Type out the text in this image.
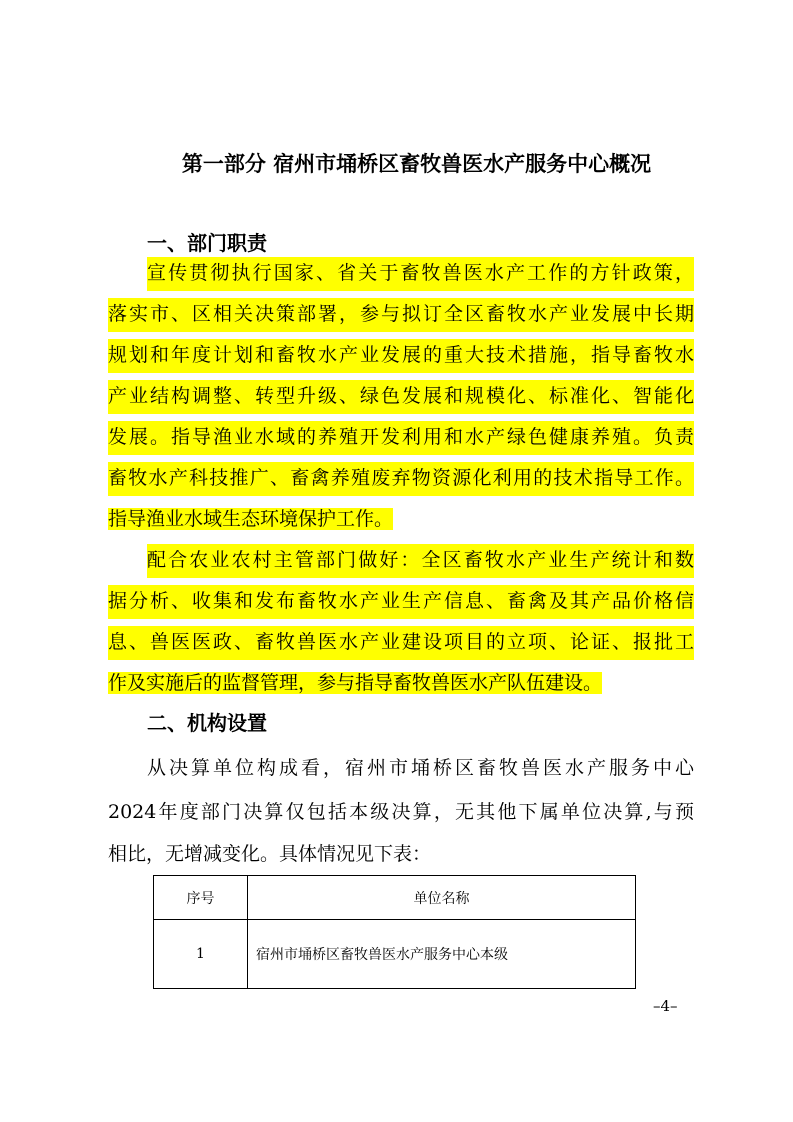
第一部分 宿州市埇桥区畜牧兽医水产服务中心概况
一、部门职责
宣传贯彻执行国家、省关于畜牧兽医水产工作的方针政策，
落实市、区相关决策部署，参与拟订全区畜牧水产业发展中长期
规划和年度计划和畜牧水产业发展的重大技术措施，指导畜牧水
产业结构调整、转型升级、绿色发展和规模化、标准化、智能化
发展。指导渔业水域的养殖开发利用和水产绿色健康养殖。负责
畜牧水产科技推广、畜禽养殖废弃物资源化利用的技术指导工作。
指导渔业水域生态环境保护工作。
配合农业农村主管部门做好：全区畜牧水产业生产统计和数
据分析、收集和发布畜牧水产业生产信息、畜禽及其产品价格信
息、兽医医政、畜牧兽医水产业建设项目的立项、论证、报批工
作及实施后的监督管理，参与指导畜牧兽医水产队伍建设。
二、机构设置
从决算单位构成看，宿州市埇桥区畜牧兽医水产服务中心
2024年度部门决算仅包括本级决算，无其他下属单位决算,与预
相比，无增减变化。具体情况见下表：
序号	单位名称
1	宿州市埇桥区畜牧兽医水产服务中心本级
–4–
